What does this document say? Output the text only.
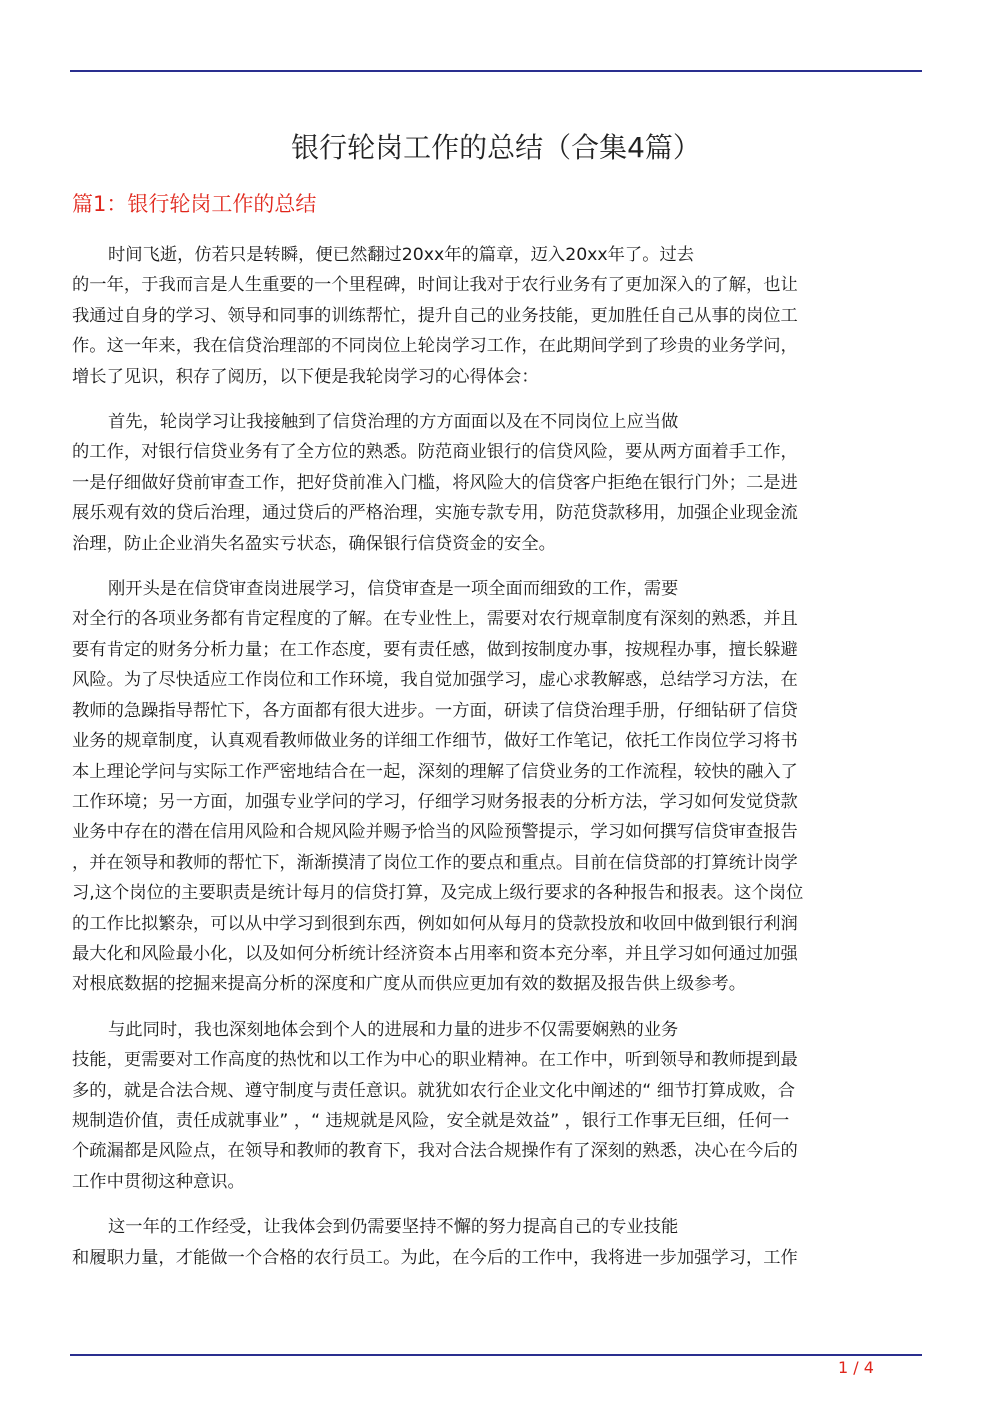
银行轮岗工作的总结（合集4篇）
篇1：银行轮岗工作的总结
时间飞逝，仿若只是转瞬，便已然翻过20xx年的篇章，迈入20xx年了。过去
的一年，于我而言是人生重要的一个里程碑，时间让我对于农行业务有了更加深入的了解，也让
我通过自身的学习、领导和同事的训练帮忙，提升自己的业务技能，更加胜任自己从事的岗位工
作。这一年来，我在信贷治理部的不同岗位上轮岗学习工作，在此期间学到了珍贵的业务学问，
增长了见识，积存了阅历，以下便是我轮岗学习的心得体会：
首先，轮岗学习让我接触到了信贷治理的方方面面以及在不同岗位上应当做
的工作，对银行信贷业务有了全方位的熟悉。防范商业银行的信贷风险，要从两方面着手工作，
一是仔细做好贷前审查工作，把好贷前准入门槛，将风险大的信贷客户拒绝在银行门外；二是进
展乐观有效的贷后治理，通过贷后的严格治理，实施专款专用，防范贷款移用，加强企业现金流
治理，防止企业消失名盈实亏状态，确保银行信贷资金的安全。
刚开头是在信贷审查岗进展学习，信贷审查是一项全面而细致的工作，需要
对全行的各项业务都有肯定程度的了解。在专业性上，需要对农行规章制度有深刻的熟悉，并且
要有肯定的财务分析力量；在工作态度，要有责任感，做到按制度办事，按规程办事，擅长躲避
风险。为了尽快适应工作岗位和工作环境，我自觉加强学习，虚心求教解惑，总结学习方法，在
教师的急躁指导帮忙下，各方面都有很大进步。一方面，研读了信贷治理手册，仔细钻研了信贷
业务的规章制度，认真观看教师做业务的详细工作细节，做好工作笔记，依托工作岗位学习将书
本上理论学问与实际工作严密地结合在一起，深刻的理解了信贷业务的工作流程，较快的融入了
工作环境；另一方面，加强专业学问的学习，仔细学习财务报表的分析方法，学习如何发觉贷款
业务中存在的潜在信用风险和合规风险并赐予恰当的风险预警提示，学习如何撰写信贷审查报告
，并在领导和教师的帮忙下，渐渐摸清了岗位工作的要点和重点。目前在信贷部的打算统计岗学
习,这个岗位的主要职责是统计每月的信贷打算，及完成上级行要求的各种报告和报表。这个岗位
的工作比拟繁杂，可以从中学习到很到东西，例如如何从每月的贷款投放和收回中做到银行利润
最大化和风险最小化，以及如何分析统计经济资本占用率和资本充分率，并且学习如何通过加强
对根底数据的挖掘来提高分析的深度和广度从而供应更加有效的数据及报告供上级参考。
与此同时，我也深刻地体会到个人的进展和力量的进步不仅需要娴熟的业务
技能，更需要对工作高度的热忱和以工作为中心的职业精神。在工作中，听到领导和教师提到最
多的，就是合法合规、遵守制度与责任意识。就犹如农行企业文化中阐述的“ 细节打算成败，合
规制造价值，责任成就事业” ，“ 违规就是风险，安全就是效益” ，银行工作事无巨细，任何一
个疏漏都是风险点，在领导和教师的教育下，我对合法合规操作有了深刻的熟悉，决心在今后的
工作中贯彻这种意识。
这一年的工作经受，让我体会到仍需要坚持不懈的努力提高自己的专业技能
和履职力量，才能做一个合格的农行员工。为此，在今后的工作中，我将进一步加强学习，工作
1 / 4
